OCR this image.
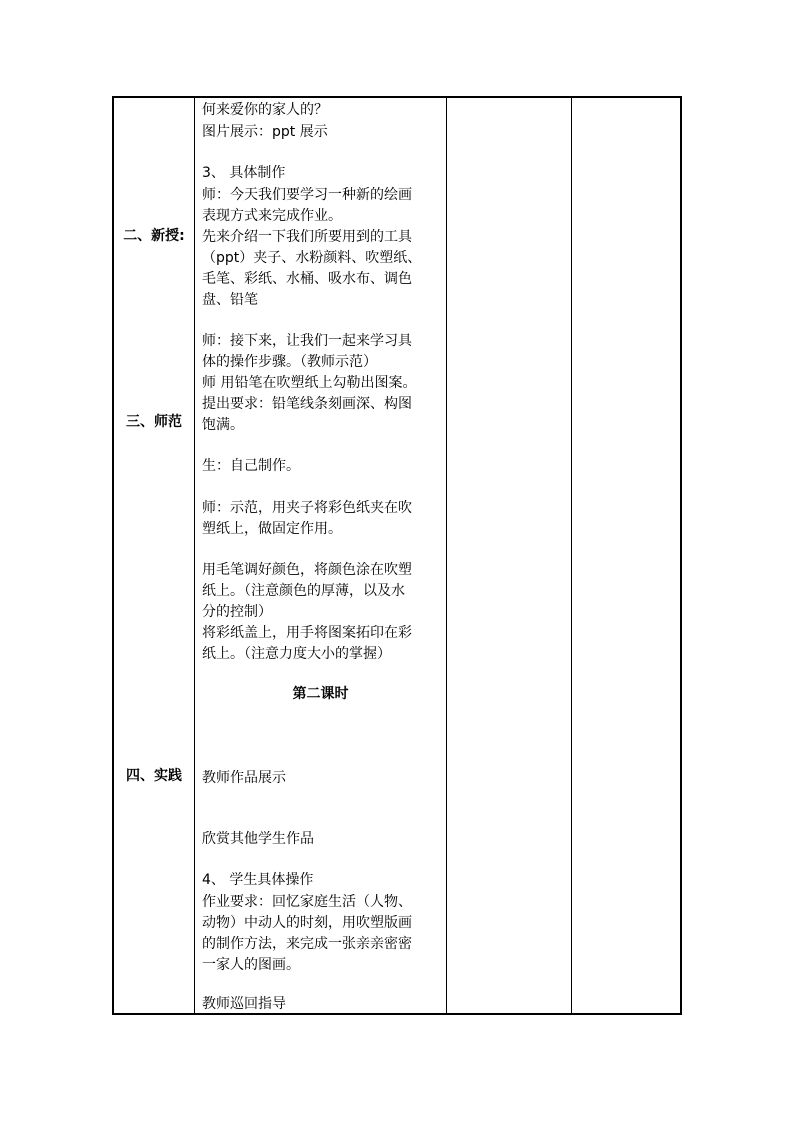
二、新授:
三、师范
四、实践
何来爱你的家人的？
图片展示：ppt 展示
3、 具体制作
师：今天我们要学习一种新的绘画
表现方式来完成作业。
先来介绍一下我们所要用到的工具
（ppt）夹子、水粉颜料、吹塑纸、
毛笔、彩纸、水桶、吸水布、调色
盘、铅笔
师：接下来，让我们一起来学习具
体的操作步骤。（教师示范）
师 用铅笔在吹塑纸上勾勒出图案。
提出要求：铅笔线条刻画深、构图
饱满。
生：自己制作。
师：示范，用夹子将彩色纸夹在吹
塑纸上，做固定作用。
用毛笔调好颜色，将颜色涂在吹塑
纸上。（注意颜色的厚薄，以及水
分的控制）
将彩纸盖上，用手将图案拓印在彩
纸上。（注意力度大小的掌握）
第二课时
教师作品展示
欣赏其他学生作品
4、 学生具体操作
作业要求：回忆家庭生活（人物、
动物）中动人的时刻，用吹塑版画
的制作方法，来完成一张亲亲密密
一家人的图画。
教师巡回指导
